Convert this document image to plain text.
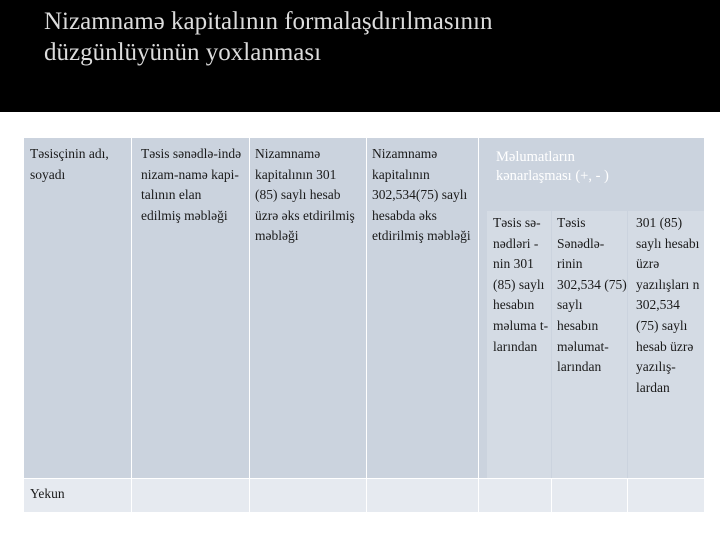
Nizamnamə kapitalının formalaşdırılmasının
düzgünlüyünün yoxlanması
Təsisçinin adı, soyadı
Təsis sənədlə-ində nizam-namə kapi-talının elan edilmiş məbləği
Nizamnamə kapitalının 301 (85) saylı hesab üzrə əks etdirilmiş məbləği
Nizamnamə kapitalının 302,534(75) saylı hesabda əks etdirilmiş məbləği
Məlumatların kənarlaşması (+, - )
Təsis sə-nədləri -nin 301 (85) saylı hesabın məluma t-larından
Təsis Sənədlə-rinin 302,534 (75) saylı hesabın məlumat-larından
301 (85) saylı hesabı üzrə yazılışları n 302,534 (75) saylı hesab üzrə yazılış-lardan
Yekun
